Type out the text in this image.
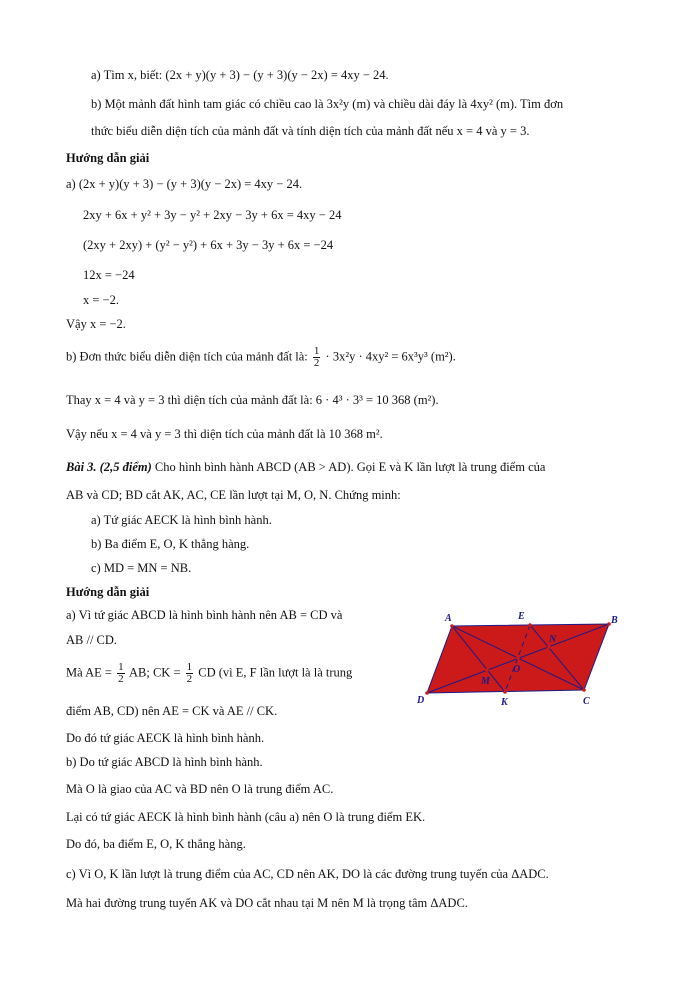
a) Tìm x, biết: (2x + y)(y + 3) − (y + 3)(y − 2x) = 4xy − 24.
b) Một mảnh đất hình tam giác có chiều cao là 3x²y (m) và chiều dài đáy là 4xy² (m). Tìm đơn
thức biểu diễn diện tích của mảnh đất và tính diện tích của mảnh đất nếu x = 4 và y = 3.
Hướng dẫn giải
a) (2x + y)(y + 3) − (y + 3)(y − 2x) = 4xy − 24.
2xy + 6x + y² + 3y − y² + 2xy − 3y + 6x = 4xy − 24
(2xy + 2xy) + (y² − y²) + 6x + 3y − 3y + 6x = −24
12x = −24
x = −2.
Vậy x = −2.
b) Đơn thức biểu diễn diện tích của mảnh đất là: $\frac{1}{2} \cdot 3x^2y \cdot 4xy^2 = 6x^3y^3$ (m²).
Thay x = 4 và y = 3 thì diện tích của mảnh đất là: 6 · 4³ · 3³ = 10 368 (m²).
Vậy nếu x = 4 và y = 3 thì diện tích của mảnh đất là 10 368 m².
Bài 3. (2,5 điểm) Cho hình bình hành ABCD (AB > AD). Gọi E và K lần lượt là trung điểm của
AB và CD; BD cắt AK, AC, CE lần lượt tại M, O, N. Chứng minh:
a) Tứ giác AECK là hình bình hành.
b) Ba điểm E, O, K thẳng hàng.
c) MD = MN = NB.
Hướng dẫn giải
a) Vì tứ giác ABCD là hình bình hành nên AB = CD và
AB // CD.
Mà AE = $\frac{1}{2}$ AB; CK = $\frac{1}{2}$ CD (vì E, F lần lượt là là trung
điểm AB, CD) nên AE = CK và AE // CK.
Do đó tứ giác AECK là hình bình hành.
b) Do tứ giác ABCD là hình bình hành.
Mà O là giao của AC và BD nên O là trung điểm AC.
Lại có tứ giác AECK là hình bình hành (câu a) nên O là trung điểm EK.
Do đó, ba điểm E, O, K thẳng hàng.
c) Vì O, K lần lượt là trung điểm của AC, CD nên AK, DO là các đường trung tuyến của ΔADC.
Mà hai đường trung tuyến AK và DO cắt nhau tại M nên M là trọng tâm ΔADC.
A	E	B
N
O
M
D	K	C
